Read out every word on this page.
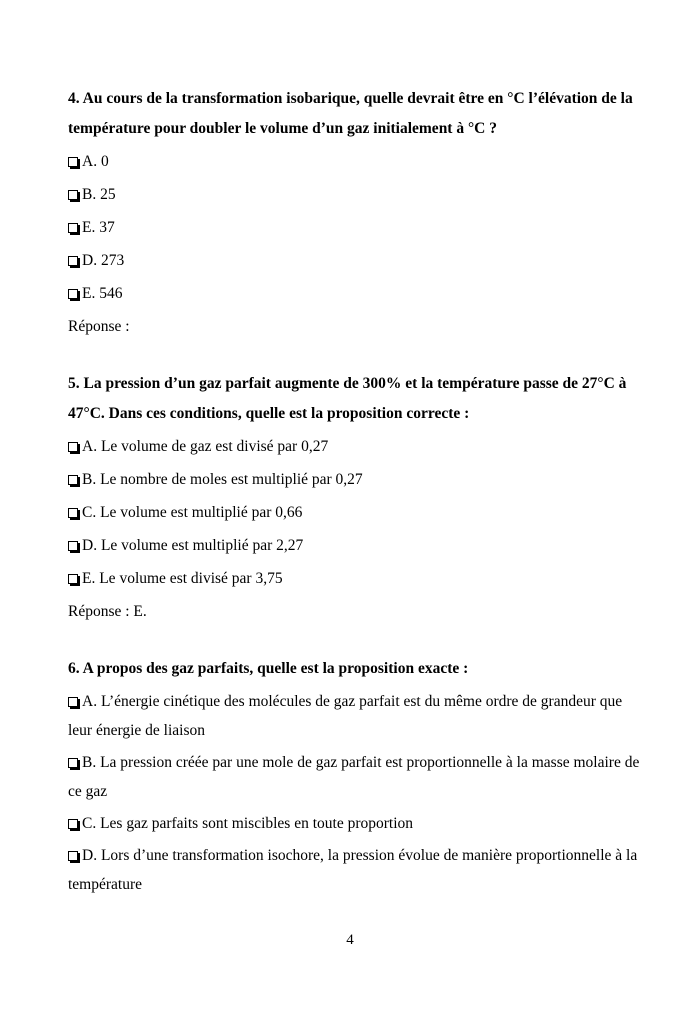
4. Au cours de la transformation isobarique, quelle devrait être en °C l’élévation de la température pour doubler le volume d’un gaz initialement à °C ?

A. 0

B. 25

E. 37

D. 273

E. 546

Réponse :

5. La pression d’un gaz parfait augmente de 300% et la température passe de 27°C à 47°C. Dans ces conditions, quelle est la proposition correcte :

A. Le volume de gaz est divisé par 0,27

B. Le nombre de moles est multiplié par 0,27

C. Le volume est multiplié par 0,66

D. Le volume est multiplié par 2,27

E. Le volume est divisé par 3,75

Réponse : E.

6. A propos des gaz parfaits, quelle est la proposition exacte :

A. L’énergie cinétique des molécules de gaz parfait est du même ordre de grandeur que leur énergie de liaison

B. La pression créée par une mole de gaz parfait est proportionnelle à la masse molaire de ce gaz

C. Les gaz parfaits sont miscibles en toute proportion

D. Lors d’une transformation isochore, la pression évolue de manière proportionnelle à la température

4
